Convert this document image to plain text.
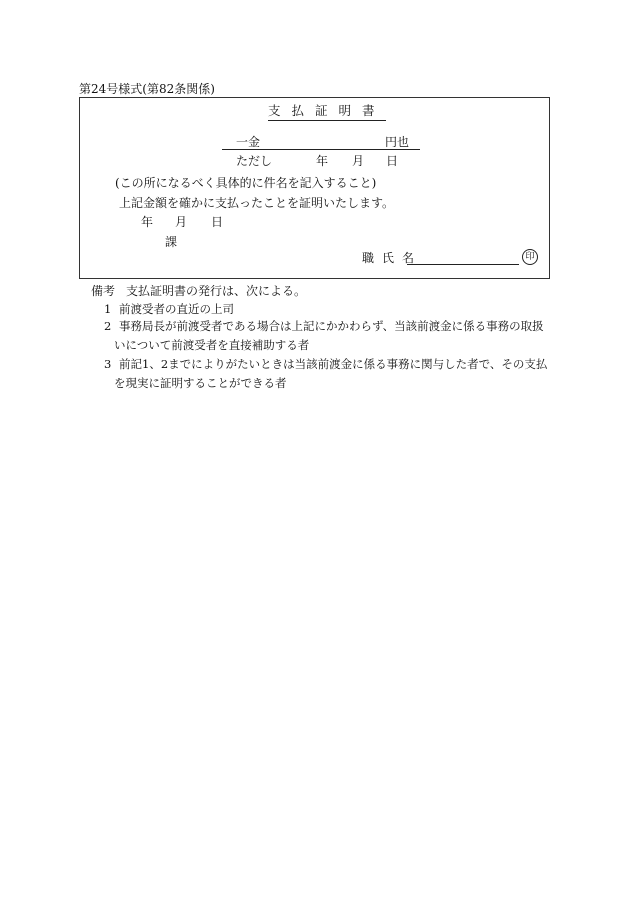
第24号様式(第82条関係)
支払証明書
一金	円也
ただし	年 月 日
(この所になるべく具体的に件名を記入すること)
上記金額を確かに支払ったことを証明いたします。
年 月 日
課
職氏名	印
備考 支払証明書の発行は、次による。
1 前渡受者の直近の上司
2 事務局長が前渡受者である場合は上記にかかわらず、当該前渡金に係る事務の取扱
いについて前渡受者を直接補助する者
3 前記1、2までによりがたいときは当該前渡金に係る事務に関与した者で、その支払
を現実に証明することができる者
